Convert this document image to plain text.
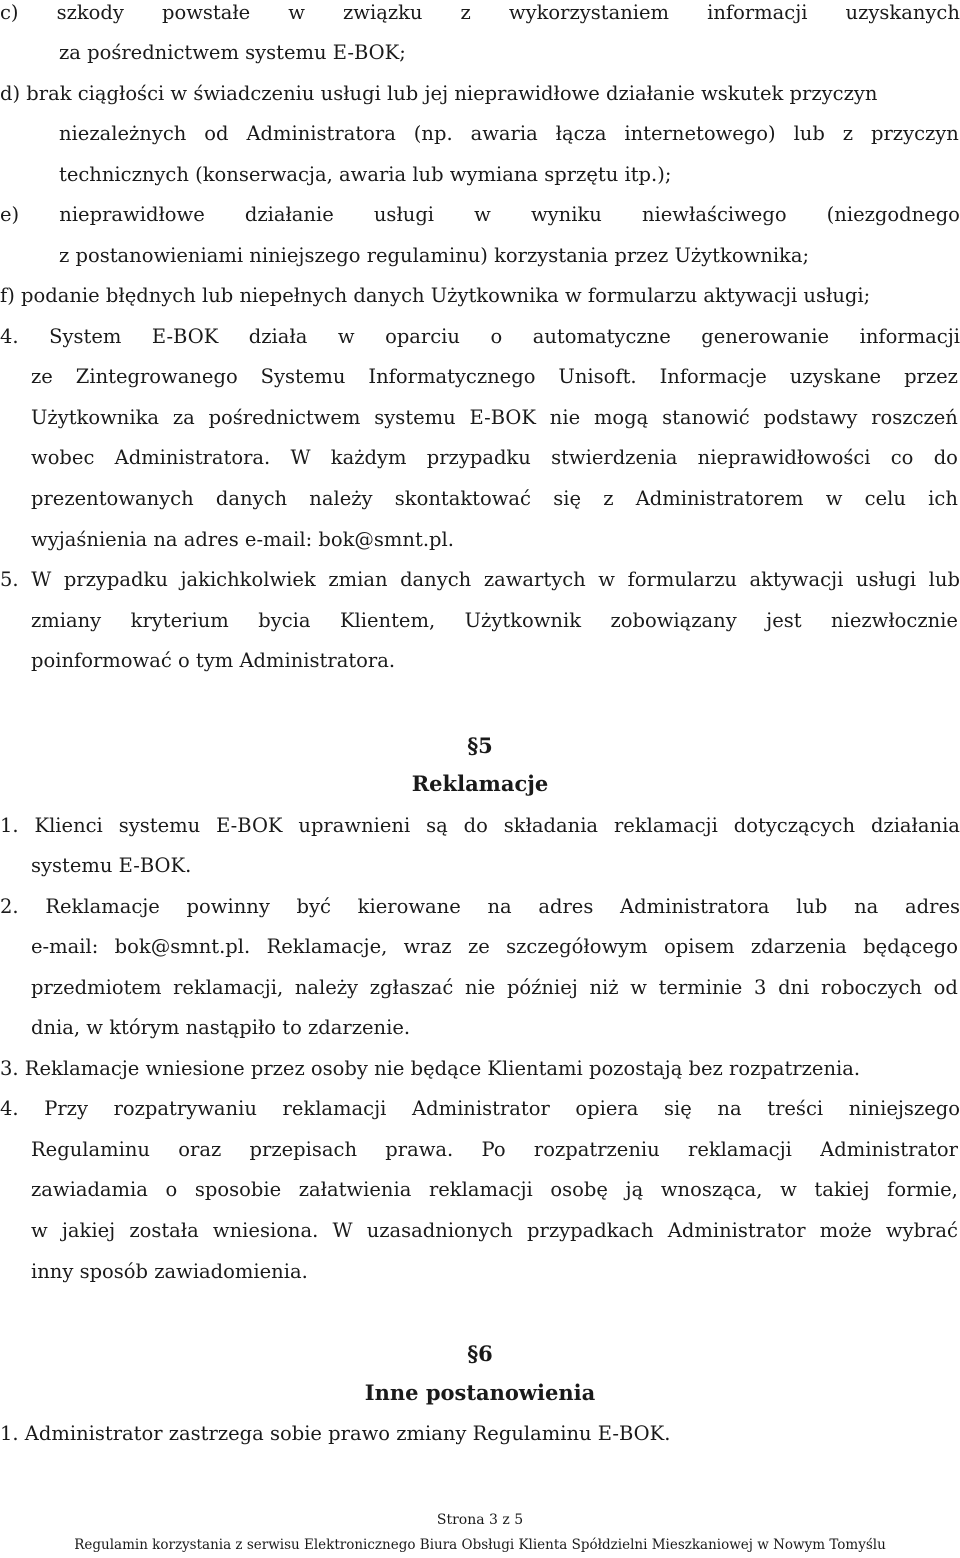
c) szkody powstałe w związku z wykorzystaniem informacji uzyskanych
za pośrednictwem systemu E-BOK;
d) brak ciągłości w świadczeniu usługi lub jej nieprawidłowe działanie wskutek przyczyn
niezależnych od Administratora (np. awaria łącza internetowego) lub z przyczyn
technicznych (konserwacja, awaria lub wymiana sprzętu itp.);
e) nieprawidłowe działanie usługi w wyniku niewłaściwego (niezgodnego
z postanowieniami niniejszego regulaminu) korzystania przez Użytkownika;
f) podanie błędnych lub niepełnych danych Użytkownika w formularzu aktywacji usługi;
4. System E-BOK działa w oparciu o automatyczne generowanie informacji
ze Zintegrowanego Systemu Informatycznego Unisoft. Informacje uzyskane przez
Użytkownika za pośrednictwem systemu E-BOK nie mogą stanowić podstawy roszczeń
wobec Administratora. W każdym przypadku stwierdzenia nieprawidłowości co do
prezentowanych danych należy skontaktować się z Administratorem w celu ich
wyjaśnienia na adres e-mail: bok@smnt.pl.
5. W przypadku jakichkolwiek zmian danych zawartych w formularzu aktywacji usługi lub
zmiany kryterium bycia Klientem, Użytkownik zobowiązany jest niezwłocznie
poinformować o tym Administratora.
§5
Reklamacje
1. Klienci systemu E-BOK uprawnieni są do składania reklamacji dotyczących działania
systemu E-BOK.
2. Reklamacje powinny być kierowane na adres Administratora lub na adres
e-mail: bok@smnt.pl. Reklamacje, wraz ze szczegółowym opisem zdarzenia będącego
przedmiotem reklamacji, należy zgłaszać nie później niż w terminie 3 dni roboczych od
dnia, w którym nastąpiło to zdarzenie.
3. Reklamacje wniesione przez osoby nie będące Klientami pozostają bez rozpatrzenia.
4. Przy rozpatrywaniu reklamacji Administrator opiera się na treści niniejszego
Regulaminu oraz przepisach prawa. Po rozpatrzeniu reklamacji Administrator
zawiadamia o sposobie załatwienia reklamacji osobę ją wnosząca, w takiej formie,
w jakiej została wniesiona. W uzasadnionych przypadkach Administrator może wybrać
inny sposób zawiadomienia.
§6
Inne postanowienia
1. Administrator zastrzega sobie prawo zmiany Regulaminu E-BOK.
Strona 3 z 5
Regulamin korzystania z serwisu Elektronicznego Biura Obsługi Klienta Spółdzielni Mieszkaniowej w Nowym Tomyślu
